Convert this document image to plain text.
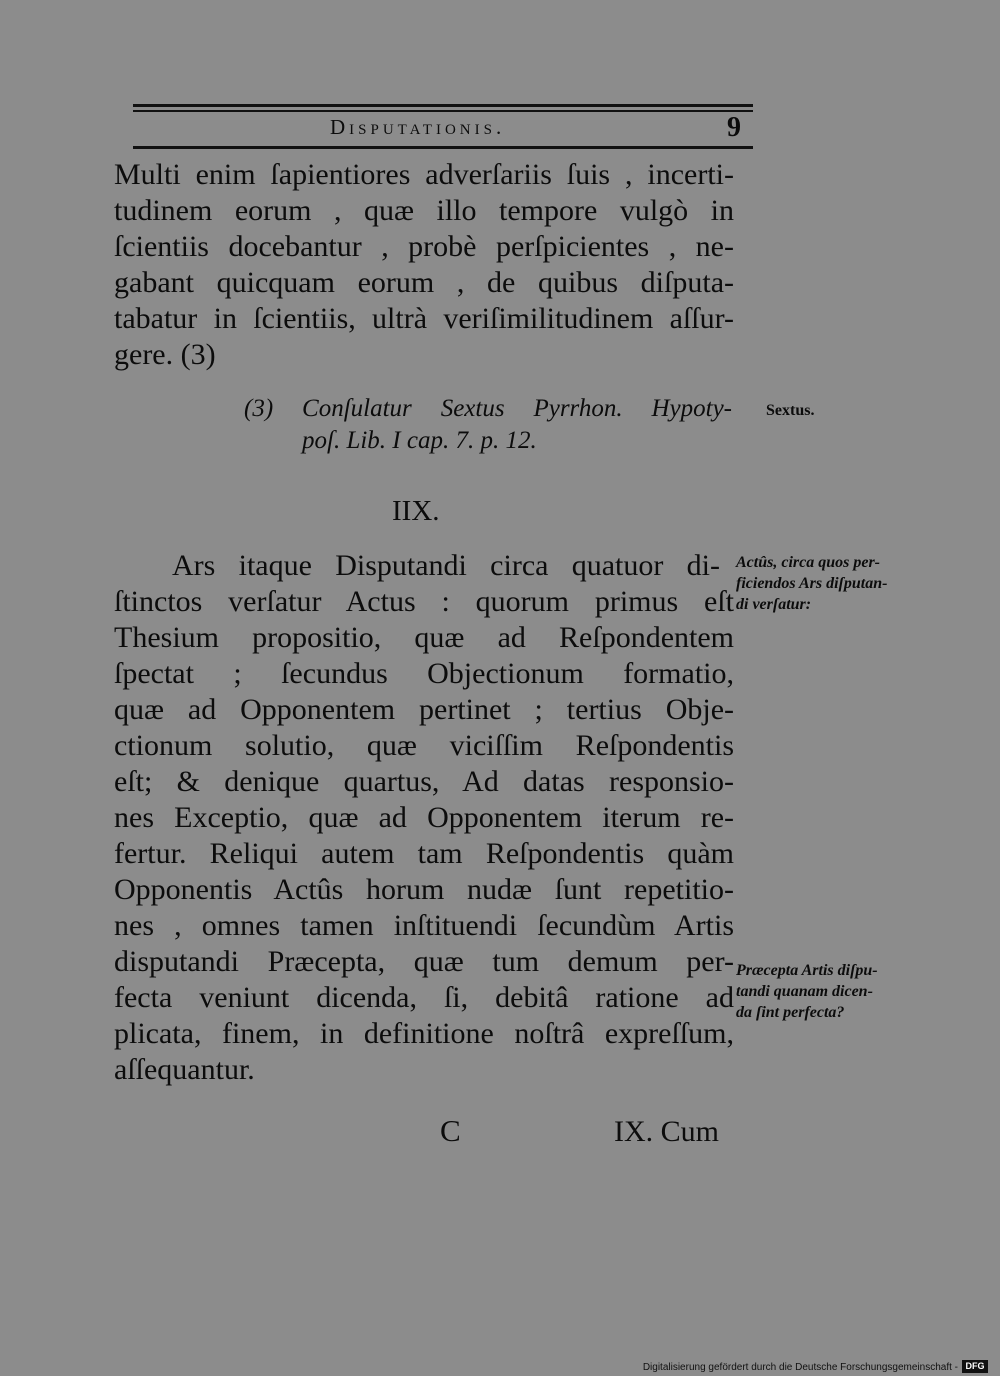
Disputationis.	9
Multi enim ſapientiores adverſariis ſuis , incerti-
tudinem eorum , quæ illo tempore vulgò in
ſcientiis docebantur , probè perſpicientes , ne-
gabant quicquam eorum , de quibus diſputa-
tabatur in ſcientiis, ultrà veriſimilitudinem aſſur-
gere. (3)
(3) Conſulatur Sextus Pyrrhon. Hypoty-
poſ. Lib. I cap. 7. p. 12.
Sextus.
IIX.
Actûs, circa quos per-
ficiendos Ars diſputan-
di verſatur:
Ars itaque Disputandi circa quatuor di-
ſtinctos verſatur Actus : quorum primus eſt
Thesium propositio, quæ ad Reſpondentem
ſpectat ; ſecundus Objectionum formatio,
quæ ad Opponentem pertinet ; tertius Obje-
ctionum solutio, quæ viciſſim Reſpondentis
eſt; & denique quartus, Ad datas responsio-
nes Exceptio, quæ ad Opponentem iterum re-
fertur. Reliqui autem tam Reſpondentis quàm
Opponentis Actûs horum nudæ ſunt repetitio-
nes , omnes tamen inſtituendi ſecundùm Artis
disputandi Præcepta, quæ tum demum per-
fecta veniunt dicenda, ſi, debitâ ratione ad
plicata, finem, in definitione noſtrâ expreſſum,
aſſequantur.
Præcepta Artis diſpu-
tandi quanam dicen-
da ſint perfecta?
C	IX. Cum
Digitalisierung gefördert durch die Deutsche Forschungsgemeinschaft - DFG
